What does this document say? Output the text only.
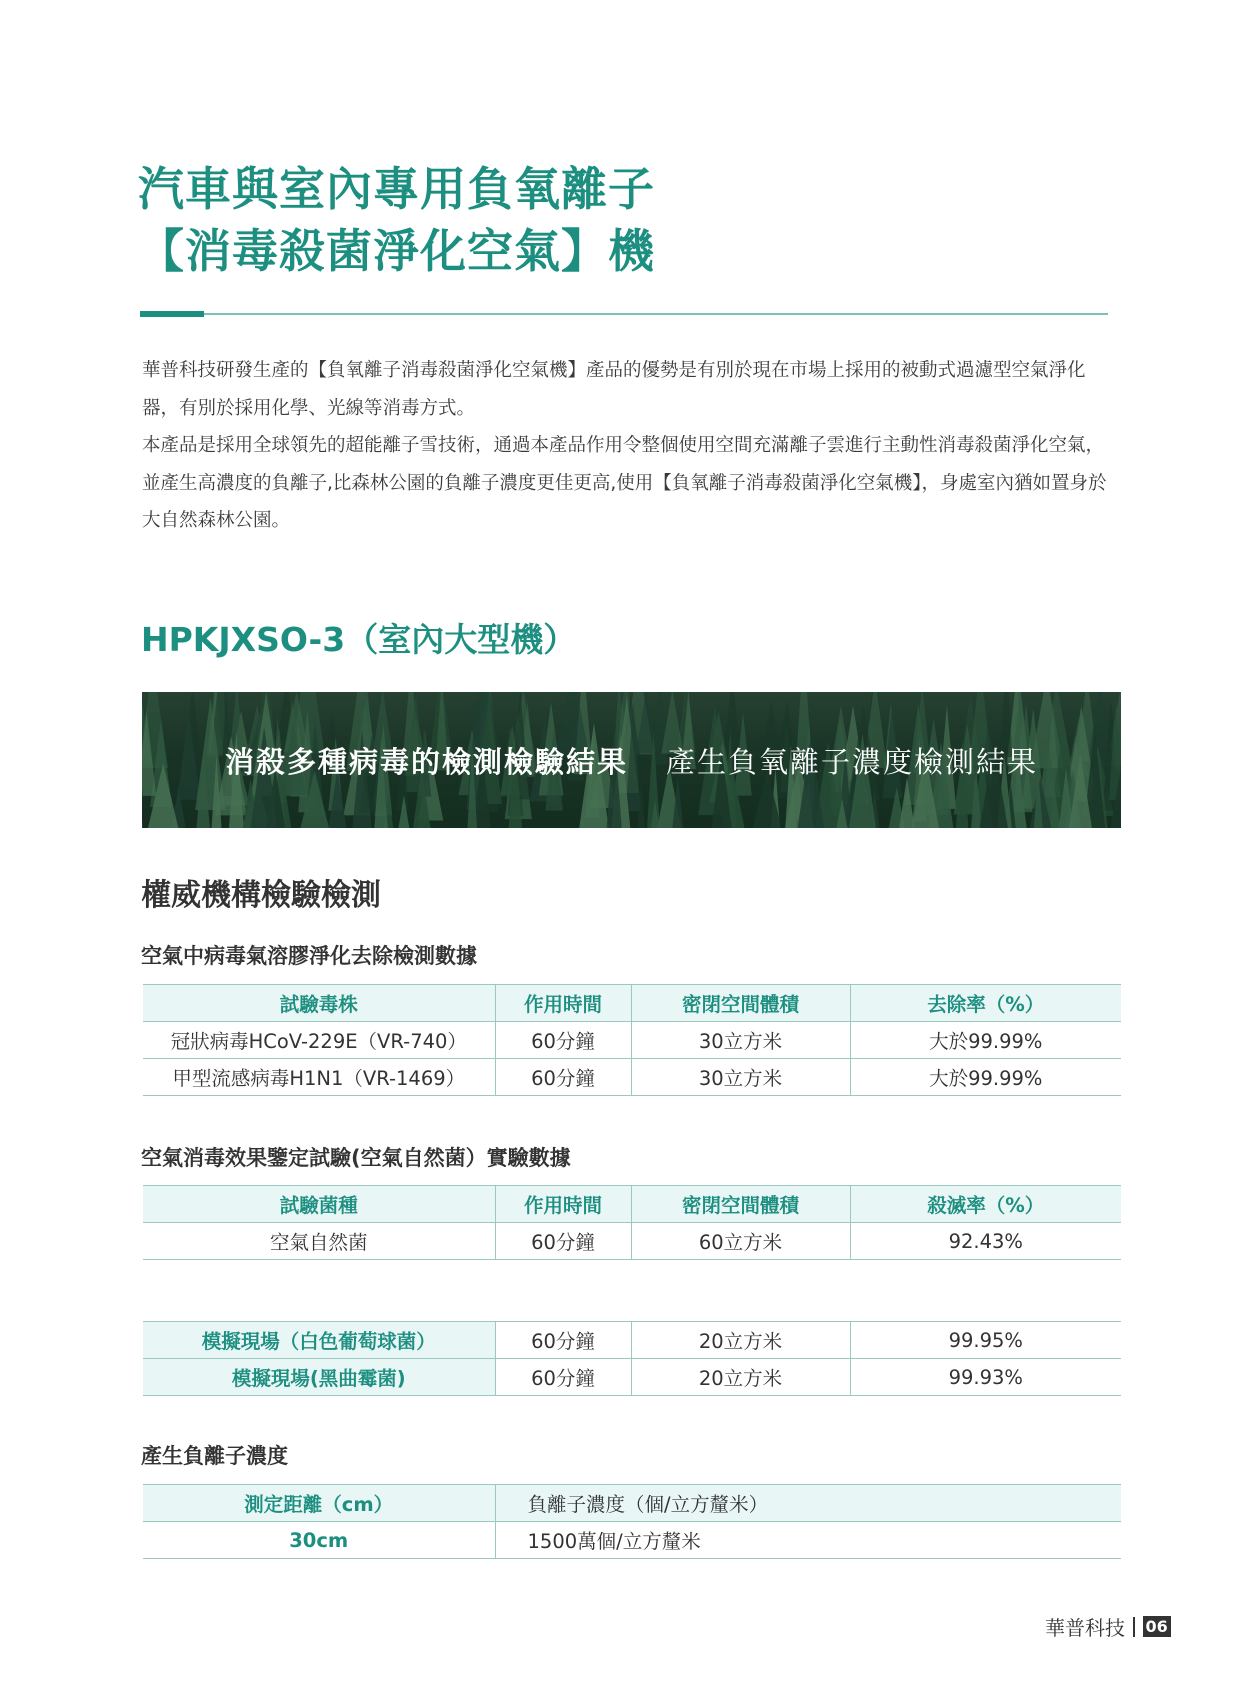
汽車與室內專用負氧離子
【消毒殺菌淨化空氣】機

華普科技研發生產的【負氧離子消毒殺菌淨化空氣機】產品的優勢是有別於現在市場上採用的被動式過濾型空氣淨化器，有別於採用化學、光線等消毒方式。

本產品是採用全球領先的超能離子雪技術，通過本產品作用令整個使用空間充滿離子雲進行主動性消毒殺菌淨化空氣，並產生高濃度的負離子,比森林公園的負離子濃度更佳更高,使用【負氧離子消毒殺菌淨化空氣機】，身處室內猶如置身於大自然森林公園。

HPKJXSO-3（室內大型機）
消殺多種病毒的檢測檢驗結果 產生負氧離子濃度檢測結果
權威機構檢驗檢測
空氣中病毒氣溶膠淨化去除檢測數據
試驗毒株	作用時間	密閉空間體積	去除率（%）
冠狀病毒HCoV-229E（VR-740）	60分鐘	30立方米	大於99.99%
甲型流感病毒H1N1（VR-1469）	60分鐘	30立方米	大於99.99%
空氣消毒效果鑒定試驗(空氣自然菌）實驗數據
試驗菌種	作用時間	密閉空間體積	殺滅率（%）
空氣自然菌	60分鐘	60立方米	92.43%
模擬現場（白色葡萄球菌）	60分鐘	20立方米	99.95%
模擬現場(黑曲霉菌)	60分鐘	20立方米	99.93%
產生負離子濃度
測定距離（cm）	負離子濃度（個/立方釐米）
30cm	1500萬個/立方釐米
華普科技 06
